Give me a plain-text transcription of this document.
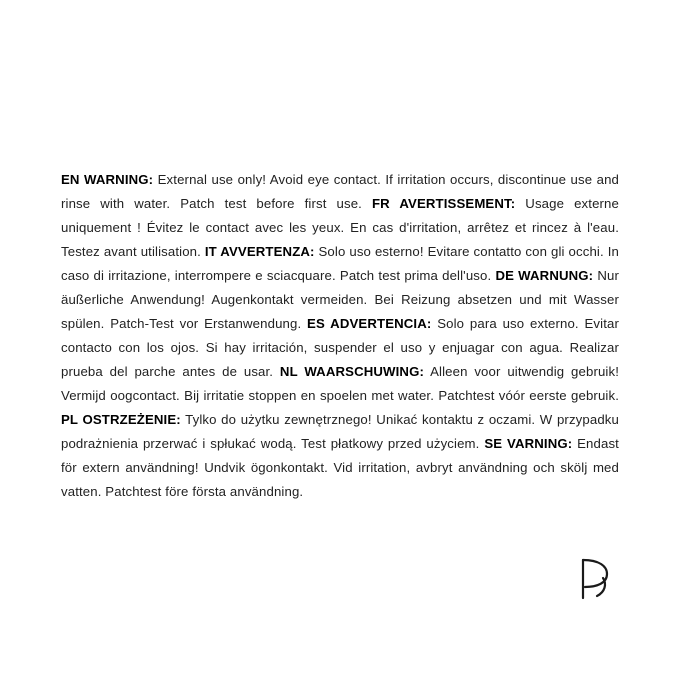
EN WARNING: External use only! Avoid eye contact. If irritation occurs, discontinue use and rinse with water. Patch test before first use. FR AVERTISSEMENT: Usage externe uniquement ! Évitez le contact avec les yeux. En cas d'irritation, arrêtez et rincez à l'eau. Testez avant utilisation. IT AVVERTENZA: Solo uso esterno! Evitare contatto con gli occhi. In caso di irritazione, interrompere e sciacquare. Patch test prima dell'uso. DE WARNUNG: Nur äußerliche Anwendung! Augenkontakt vermeiden. Bei Reizung absetzen und mit Wasser spülen. Patch-Test vor Erstanwendung. ES ADVERTENCIA: Solo para uso externo. Evitar contacto con los ojos. Si hay irritación, suspender el uso y enjuagar con agua. Realizar prueba del parche antes de usar. NL WAARSCHUWING: Alleen voor uitwendig gebruik! Vermijd oogcontact. Bij irritatie stoppen en spoelen met water. Patchtest vóór eerste gebruik. PL OSTRZEŻENIE: Tylko do użytku zewnętrznego! Unikać kontaktu z oczami. W przypadku podrażnienia przerwać i spłukać wodą. Test płatkowy przed użyciem. SE VARNING: Endast för extern användning! Undvik ögonkontakt. Vid irritation, avbryt användning och skölj med vatten. Patchtest före första användning.
